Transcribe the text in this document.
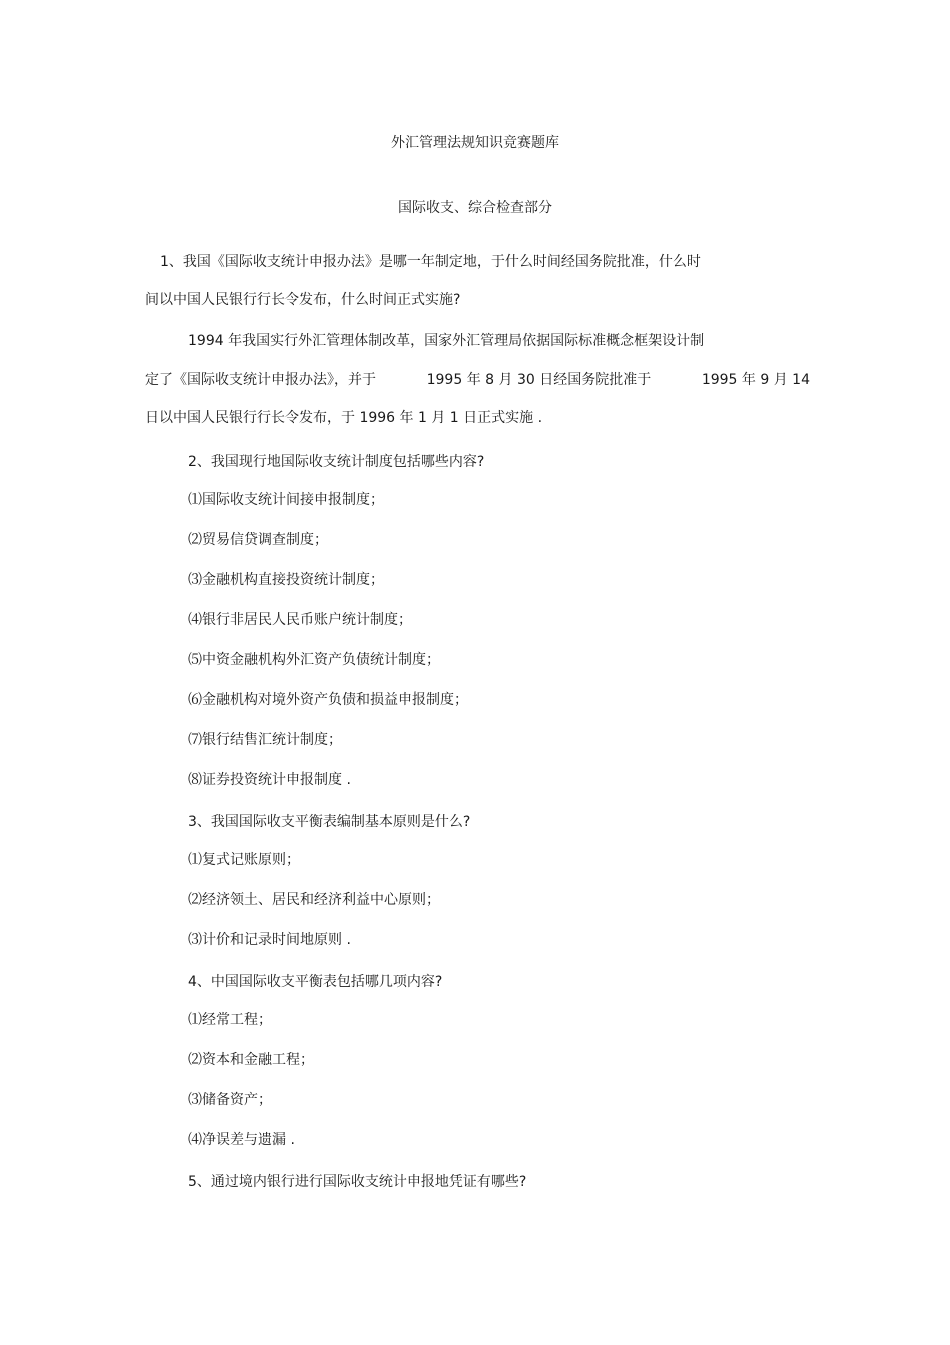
外汇管理法规知识竞赛题库
国际收支、综合检查部分
1、我国《国际收支统计申报办法》是哪一年制定地，于什么时间经国务院批准，什么时
间以中国人民银行行长令发布，什么时间正式实施?
1994 年我国实行外汇管理体制改革，国家外汇管理局依据国际标准概念框架设计制
定了《国际收支统计申报办法》，并于	1995 年 8 月 30 日经国务院批准于	1995 年 9 月 14
日以中国人民银行行长令发布，于 1996 年 1 月 1 日正式实施 .
2、我国现行地国际收支统计制度包括哪些内容?
⑴国际收支统计间接申报制度；
⑵贸易信贷调查制度；
⑶金融机构直接投资统计制度；
⑷银行非居民人民币账户统计制度；
⑸中资金融机构外汇资产负债统计制度；
⑹金融机构对境外资产负债和损益申报制度；
⑺银行结售汇统计制度；
⑻证券投资统计申报制度 .
3、我国国际收支平衡表编制基本原则是什么?
⑴复式记账原则；
⑵经济领土、居民和经济利益中心原则；
⑶计价和记录时间地原则 .
4、中国国际收支平衡表包括哪几项内容?
⑴经常工程；
⑵资本和金融工程；
⑶储备资产；
⑷净误差与遗漏 .
5、通过境内银行进行国际收支统计申报地凭证有哪些?
